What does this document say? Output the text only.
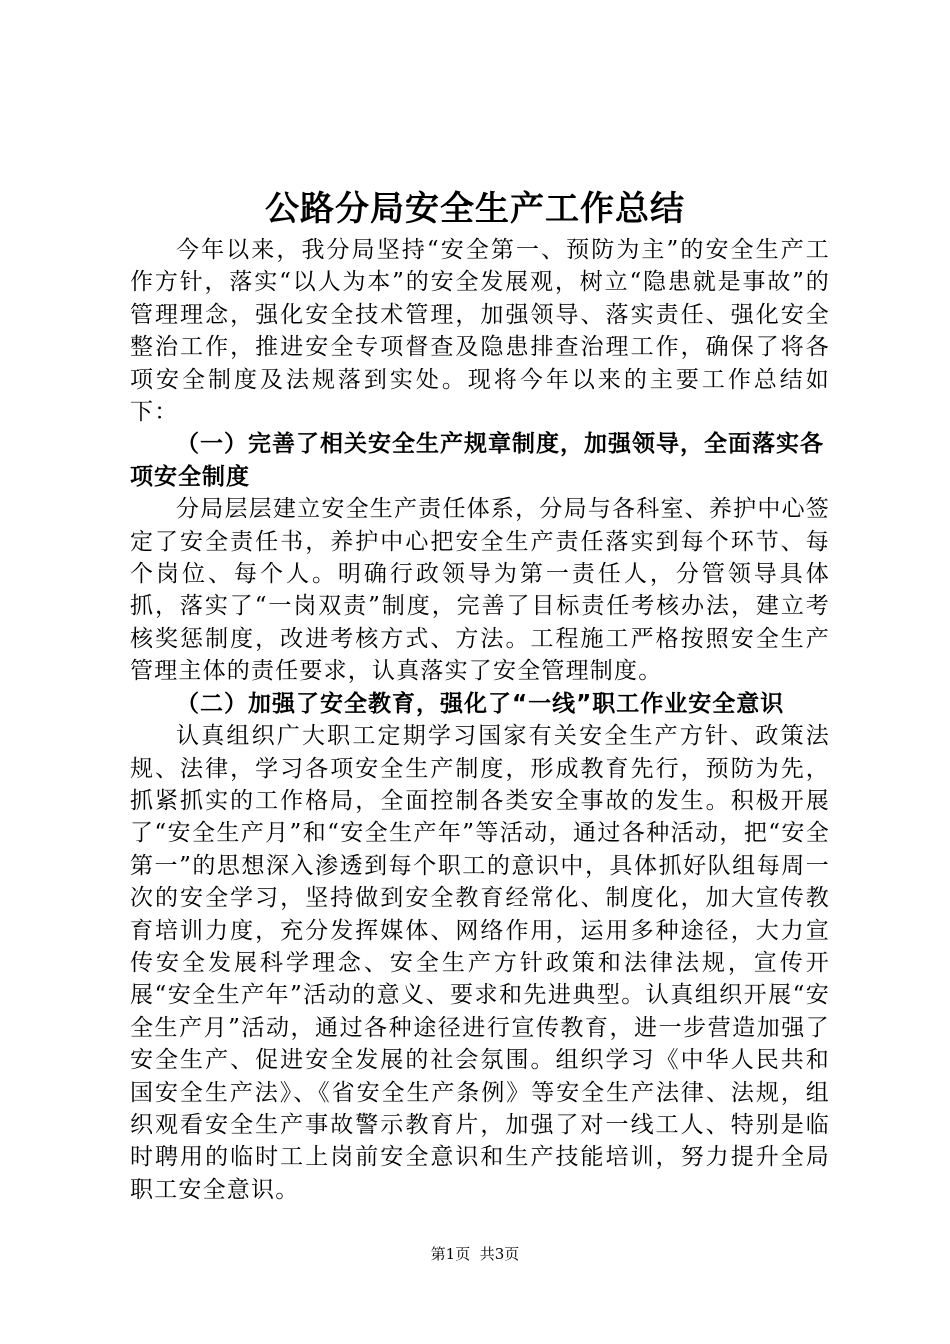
公路分局安全生产工作总结

今年以来，我分局坚持“安全第一、预防为主”的安全生产工作方针，落实“以人为本”的安全发展观，树立“隐患就是事故”的管理理念，强化安全技术管理，加强领导、落实责任、强化安全整治工作，推进安全专项督查及隐患排查治理工作，确保了将各项安全制度及法规落到实处。现将今年以来的主要工作总结如下：

（一）完善了相关安全生产规章制度，加强领导，全面落实各项安全制度

分局层层建立安全生产责任体系，分局与各科室、养护中心签定了安全责任书，养护中心把安全生产责任落实到每个环节、每个岗位、每个人。明确行政领导为第一责任人，分管领导具体抓，落实了“一岗双责”制度，完善了目标责任考核办法，建立考核奖惩制度，改进考核方式、方法。工程施工严格按照安全生产管理主体的责任要求，认真落实了安全管理制度。

（二）加强了安全教育，强化了“一线”职工作业安全意识

认真组织广大职工定期学习国家有关安全生产方针、政策法规、法律，学习各项安全生产制度，形成教育先行，预防为先，抓紧抓实的工作格局，全面控制各类安全事故的发生。积极开展了“安全生产月”和“安全生产年”等活动，通过各种活动，把“安全第一”的思想深入渗透到每个职工的意识中，具体抓好队组每周一次的安全学习，坚持做到安全教育经常化、制度化，加大宣传教育培训力度，充分发挥媒体、网络作用，运用多种途径，大力宣传安全发展科学理念、安全生产方针政策和法律法规，宣传开展“安全生产年”活动的意义、要求和先进典型。认真组织开展“安全生产月”活动，通过各种途径进行宣传教育，进一步营造加强了安全生产、促进安全发展的社会氛围。组织学习《中华人民共和国安全生产法》、《省安全生产条例》等安全生产法律、法规，组织观看安全生产事故警示教育片，加强了对一线工人、特别是临时聘用的临时工上岗前安全意识和生产技能培训，努力提升全局职工安全意识。

第1页 共3页
